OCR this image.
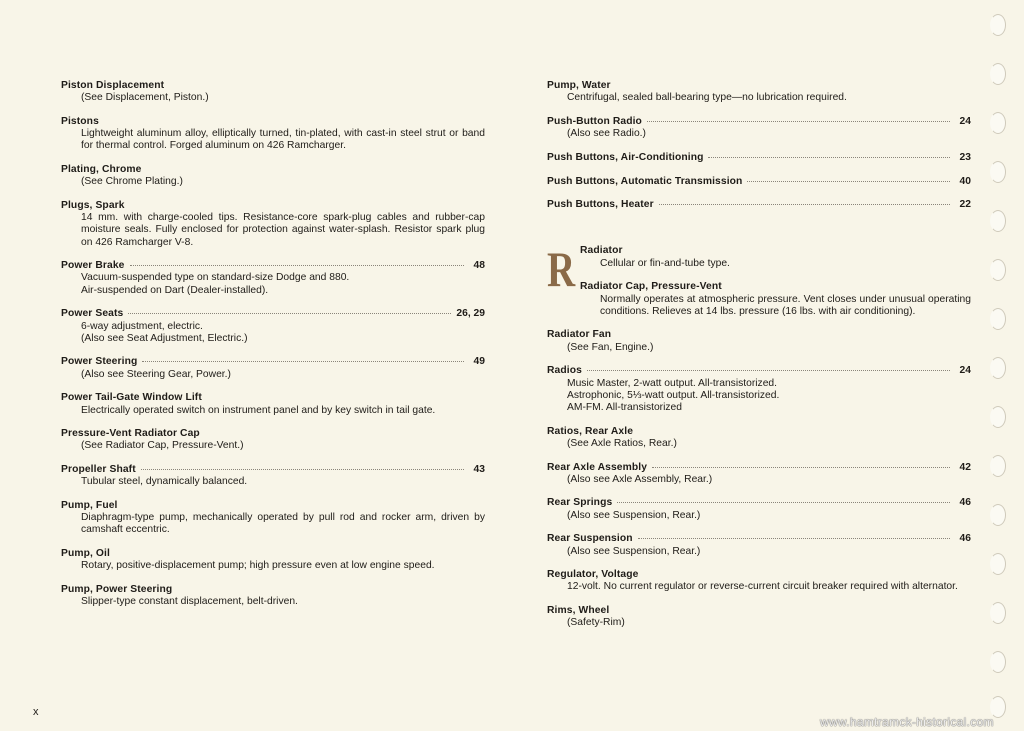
Piston Displacement
(See Displacement, Piston.)
Pistons
Lightweight aluminum alloy, elliptically turned, tin-plated, with cast-in steel strut or band for thermal control. Forged aluminum on 426 Ramcharger.
Plating, Chrome
(See Chrome Plating.)
Plugs, Spark
14 mm. with charge-cooled tips. Resistance-core spark-plug cables and rubber-cap moisture seals. Fully enclosed for protection against water-splash. Resistor spark plug on 426 Ramcharger V-8.
Power Brake	48
Vacuum-suspended type on standard-size Dodge and 880.
Air-suspended on Dart (Dealer-installed).
Power Seats	26, 29
6-way adjustment, electric.
(Also see Seat Adjustment, Electric.)
Power Steering	49
(Also see Steering Gear, Power.)
Power Tail-Gate Window Lift
Electrically operated switch on instrument panel and by key switch in tail gate.
Pressure-Vent Radiator Cap
(See Radiator Cap, Pressure-Vent.)
Propeller Shaft	43
Tubular steel, dynamically balanced.
Pump, Fuel
Diaphragm-type pump, mechanically operated by pull rod and rocker arm, driven by camshaft eccentric.
Pump, Oil
Rotary, positive-displacement pump; high pressure even at low engine speed.
Pump, Power Steering
Slipper-type constant displacement, belt-driven.
Pump, Water
Centrifugal, sealed ball-bearing type—no lubrication required.
Push-Button Radio	24
(Also see Radio.)
Push Buttons, Air-Conditioning	23
Push Buttons, Automatic Transmission	40
Push Buttons, Heater	22
R Radiator
Cellular or fin-and-tube type.
Radiator Cap, Pressure-Vent
Normally operates at atmospheric pressure. Vent closes under unusual operating conditions. Relieves at 14 lbs. pressure (16 lbs. with air conditioning).
Radiator Fan
(See Fan, Engine.)
Radios	24
Music Master, 2-watt output. All-transistorized.
Astrophonic, 5⅓-watt output. All-transistorized.
AM-FM. All-transistorized
Ratios, Rear Axle
(See Axle Ratios, Rear.)
Rear Axle Assembly	42
(Also see Axle Assembly, Rear.)
Rear Springs	46
(Also see Suspension, Rear.)
Rear Suspension	46
(Also see Suspension, Rear.)
Regulator, Voltage
12-volt. No current regulator or reverse-current circuit breaker required with alternator.
Rims, Wheel
(Safety-Rim)
x
www.hamtramck-historical.com
